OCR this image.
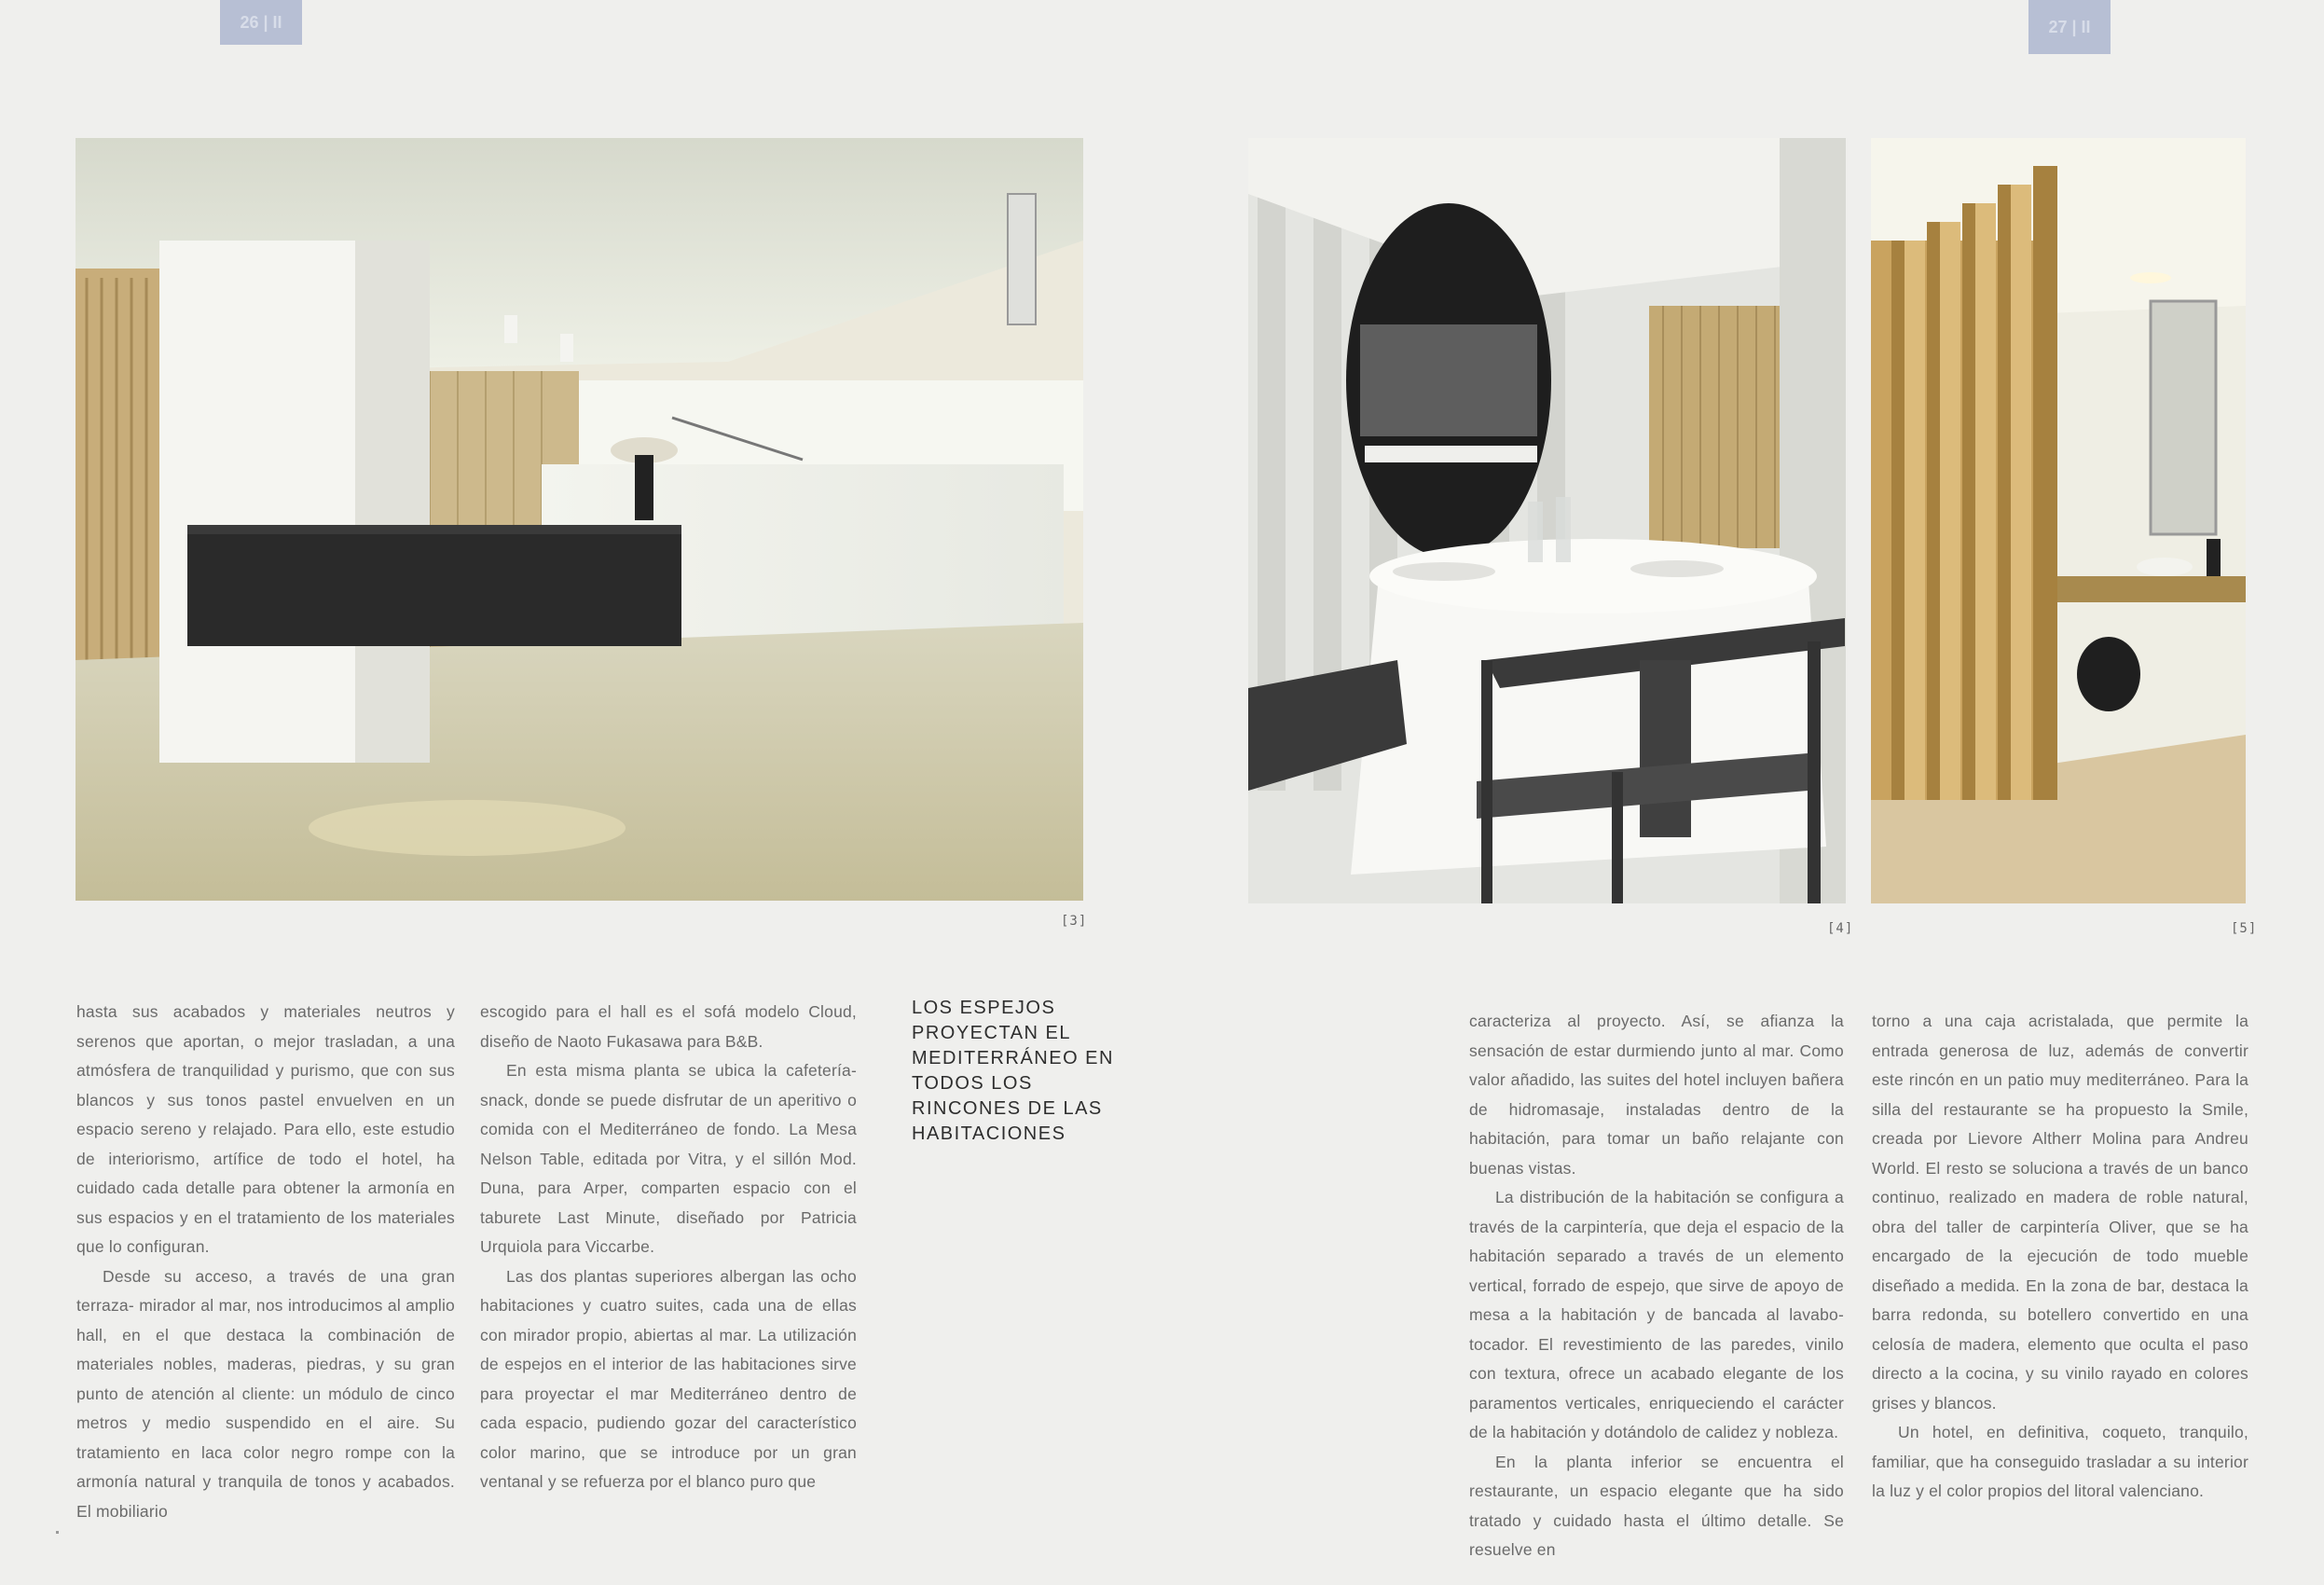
26 | II	27 | II
[3]	[4]	[5]

hasta sus acabados y materiales neutros y serenos que aportan, o mejor trasladan, a una atmósfera de tranquilidad y purismo, que con sus blancos y sus tonos pastel envuelven en un espacio sereno y relajado. Para ello, este estudio de interiorismo, artífice de todo el hotel, ha cuidado cada detalle para obtener la armonía en sus espacios y en el tratamiento de los materiales que lo configuran.

Desde su acceso, a través de una gran terraza- mirador al mar, nos introducimos al amplio hall, en el que destaca la combinación de materiales nobles, maderas, piedras, y su gran punto de atención al cliente: un módulo de cinco metros y medio suspendido en el aire. Su tratamiento en laca color negro rompe con la armonía natural y tranquila de tonos y acabados. El mobiliario

escogido para el hall es el sofá modelo Cloud, diseño de Naoto Fukasawa para B&B.

En esta misma planta se ubica la cafetería-snack, donde se puede disfrutar de un aperitivo o comida con el Mediterráneo de fondo. La Mesa Nelson Table, editada por Vitra, y el sillón Mod. Duna, para Arper, comparten espacio con el taburete Last Minute, diseñado por Patricia Urquiola para Viccarbe.

Las dos plantas superiores albergan las ocho habitaciones y cuatro suites, cada una de ellas con mirador propio, abiertas al mar. La utilización de espejos en el interior de las habitaciones sirve para proyectar el mar Mediterráneo dentro de cada espacio, pudiendo gozar del característico color marino, que se introduce por un gran ventanal y se refuerza por el blanco puro que

LOS ESPEJOS PROYECTAN EL MEDITERRÁNEO EN TODOS LOS RINCONES DE LAS HABITACIONES

caracteriza al proyecto. Así, se afianza la sensación de estar durmiendo junto al mar. Como valor añadido, las suites del hotel incluyen bañera de hidromasaje, instaladas dentro de la habitación, para tomar un baño relajante con buenas vistas.

La distribución de la habitación se configura a través de la carpintería, que deja el espacio de la habitación separado a través de un elemento vertical, forrado de espejo, que sirve de apoyo de mesa a la habitación y de bancada al lavabo-tocador. El revestimiento de las paredes, vinilo con textura, ofrece un acabado elegante de los paramentos verticales, enriqueciendo el carácter de la habitación y dotándolo de calidez y nobleza.

En la planta inferior se encuentra el restaurante, un espacio elegante que ha sido tratado y cuidado hasta el último detalle. Se resuelve en

torno a una caja acristalada, que permite la entrada generosa de luz, además de convertir este rincón en un patio muy mediterráneo. Para la silla del restaurante se ha propuesto la Smile, creada por Lievore Altherr Molina para Andreu World. El resto se soluciona a través de un banco continuo, realizado en madera de roble natural, obra del taller de carpintería Oliver, que se ha encargado de la ejecución de todo mueble diseñado a medida. En la zona de bar, destaca la barra redonda, su botellero convertido en una celosía de madera, elemento que oculta el paso directo a la cocina, y su vinilo rayado en colores grises y blancos.

Un hotel, en definitiva, coqueto, tranquilo, familiar, que ha conseguido trasladar a su interior la luz y el color propios del litoral valenciano.
